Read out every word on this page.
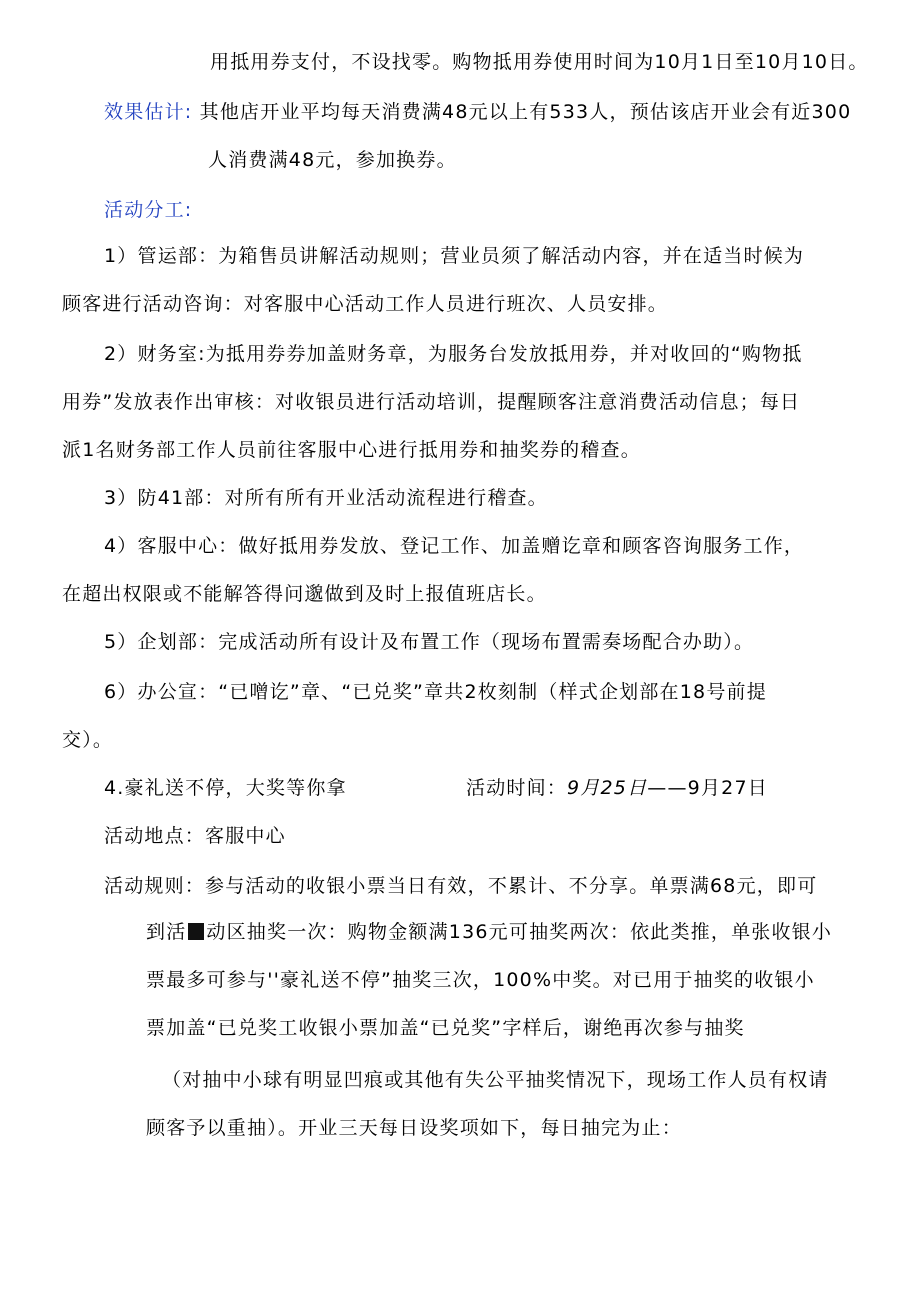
用抵用券支付，不设找零。购物抵用券使用时间为10月1日至10月10日。
效果估计: 其他店开业平均每天消费满48元以上有533人，预估该店开业会有近300
人消费满48元，参加换券。
活动分工:
1）管运部：为箱售员讲解活动规则；营业员须了解活动内容，并在适当时候为
顾客进行活动咨询：对客服中心活动工作人员进行班次、人员安排。
2）财务室:为抵用券券加盖财务章，为服务台发放抵用券，并对收回的“购物抵
用券”发放表作出审核：对收银员进行活动培训，提醒顾客注意消费活动信息；每日
派1名财务部工作人员前往客服中心进行抵用券和抽奖券的稽查。
3）防41部：对所有所有开业活动流程进行稽查。
4）客服中心：做好抵用券发放、登记工作、加盖赠讫章和顾客咨询服务工作，
在超出权限或不能解答得问邈做到及时上报值班店长。
5）企划部：完成活动所有设计及布置工作（现场布置需奏场配合办助）。
6）办公宣：“已噌讫”章、“已兑奖”章共2枚刻制（样式企划部在18号前提
交）。
4.豪礼送不停，大奖等你拿	活动时间：9月25日——9月27日
活动地点：客服中心
活动规则：参与活动的收银小票当日有效，不累计、不分享。单票满68元，即可
到活 动区抽奖一次：购物金额满136元可抽奖两次：依此类推，单张收银小
票最多可参与''豪礼送不停”抽奖三次，100%中奖。对已用于抽奖的收银小
票加盖“已兑奖工收银小票加盖“已兑奖”字样后，谢绝再次参与抽奖
（对抽中小球有明显凹痕或其他有失公平抽奖情况下，现场工作人员有权请
顾客予以重抽）。开业三天每日设奖项如下，每日抽完为止：
